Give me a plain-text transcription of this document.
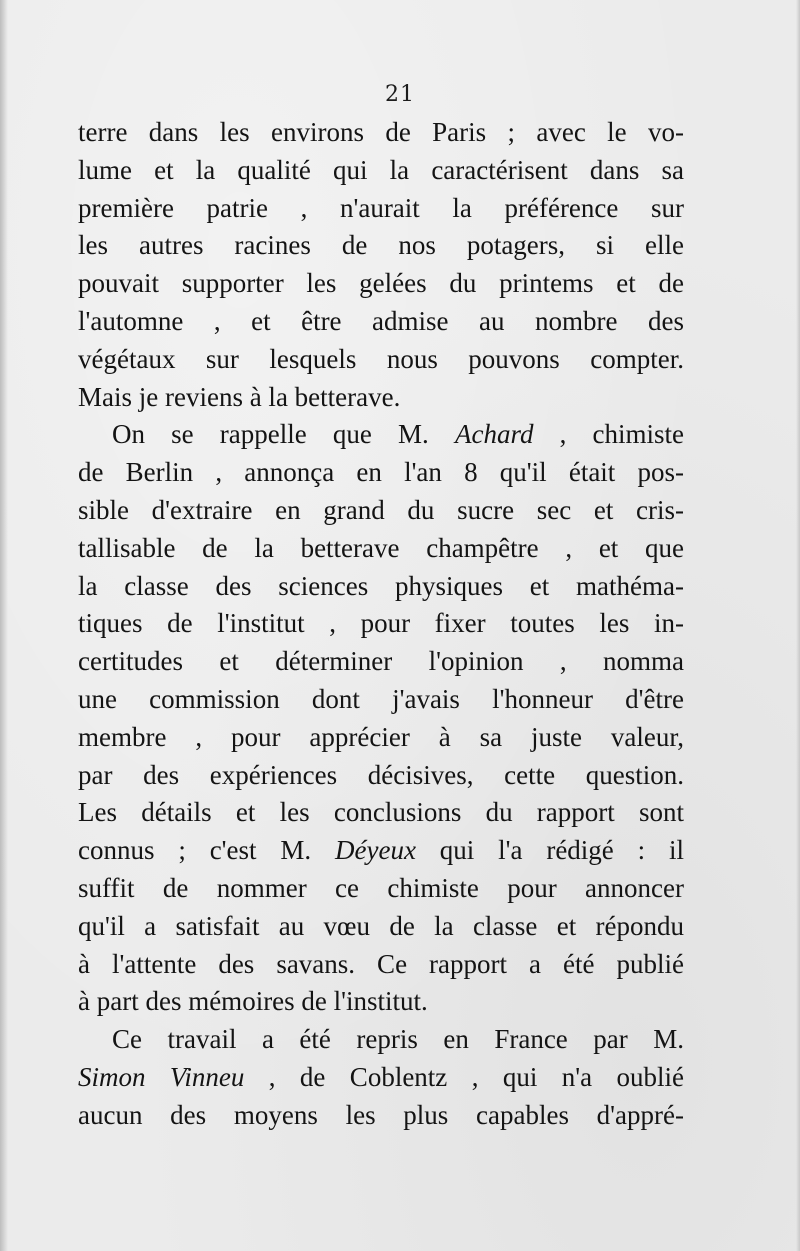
21
terre dans les environs de Paris ; avec le vo-
lume et la qualité qui la caractérisent dans sa
première patrie , n'aurait la préférence sur
les autres racines de nos potagers, si elle
pouvait supporter les gelées du printems et de
l'automne , et être admise au nombre des
végétaux sur lesquels nous pouvons compter.
Mais je reviens à la betterave.
On se rappelle que M. Achard , chimiste
de Berlin , annonça en l'an 8 qu'il était pos-
sible d'extraire en grand du sucre sec et cris-
tallisable de la betterave champêtre , et que
la classe des sciences physiques et mathéma-
tiques de l'institut , pour fixer toutes les in-
certitudes et déterminer l'opinion , nomma
une commission dont j'avais l'honneur d'être
membre , pour apprécier à sa juste valeur,
par des expériences décisives, cette question.
Les détails et les conclusions du rapport sont
connus ; c'est M. Déyeux qui l'a rédigé : il
suffit de nommer ce chimiste pour annoncer
qu'il a satisfait au vœu de la classe et répondu
à l'attente des savans. Ce rapport a été publié
à part des mémoires de l'institut.
Ce travail a été repris en France par M.
Simon Vinneu , de Coblentz , qui n'a oublié
aucun des moyens les plus capables d'appré-
